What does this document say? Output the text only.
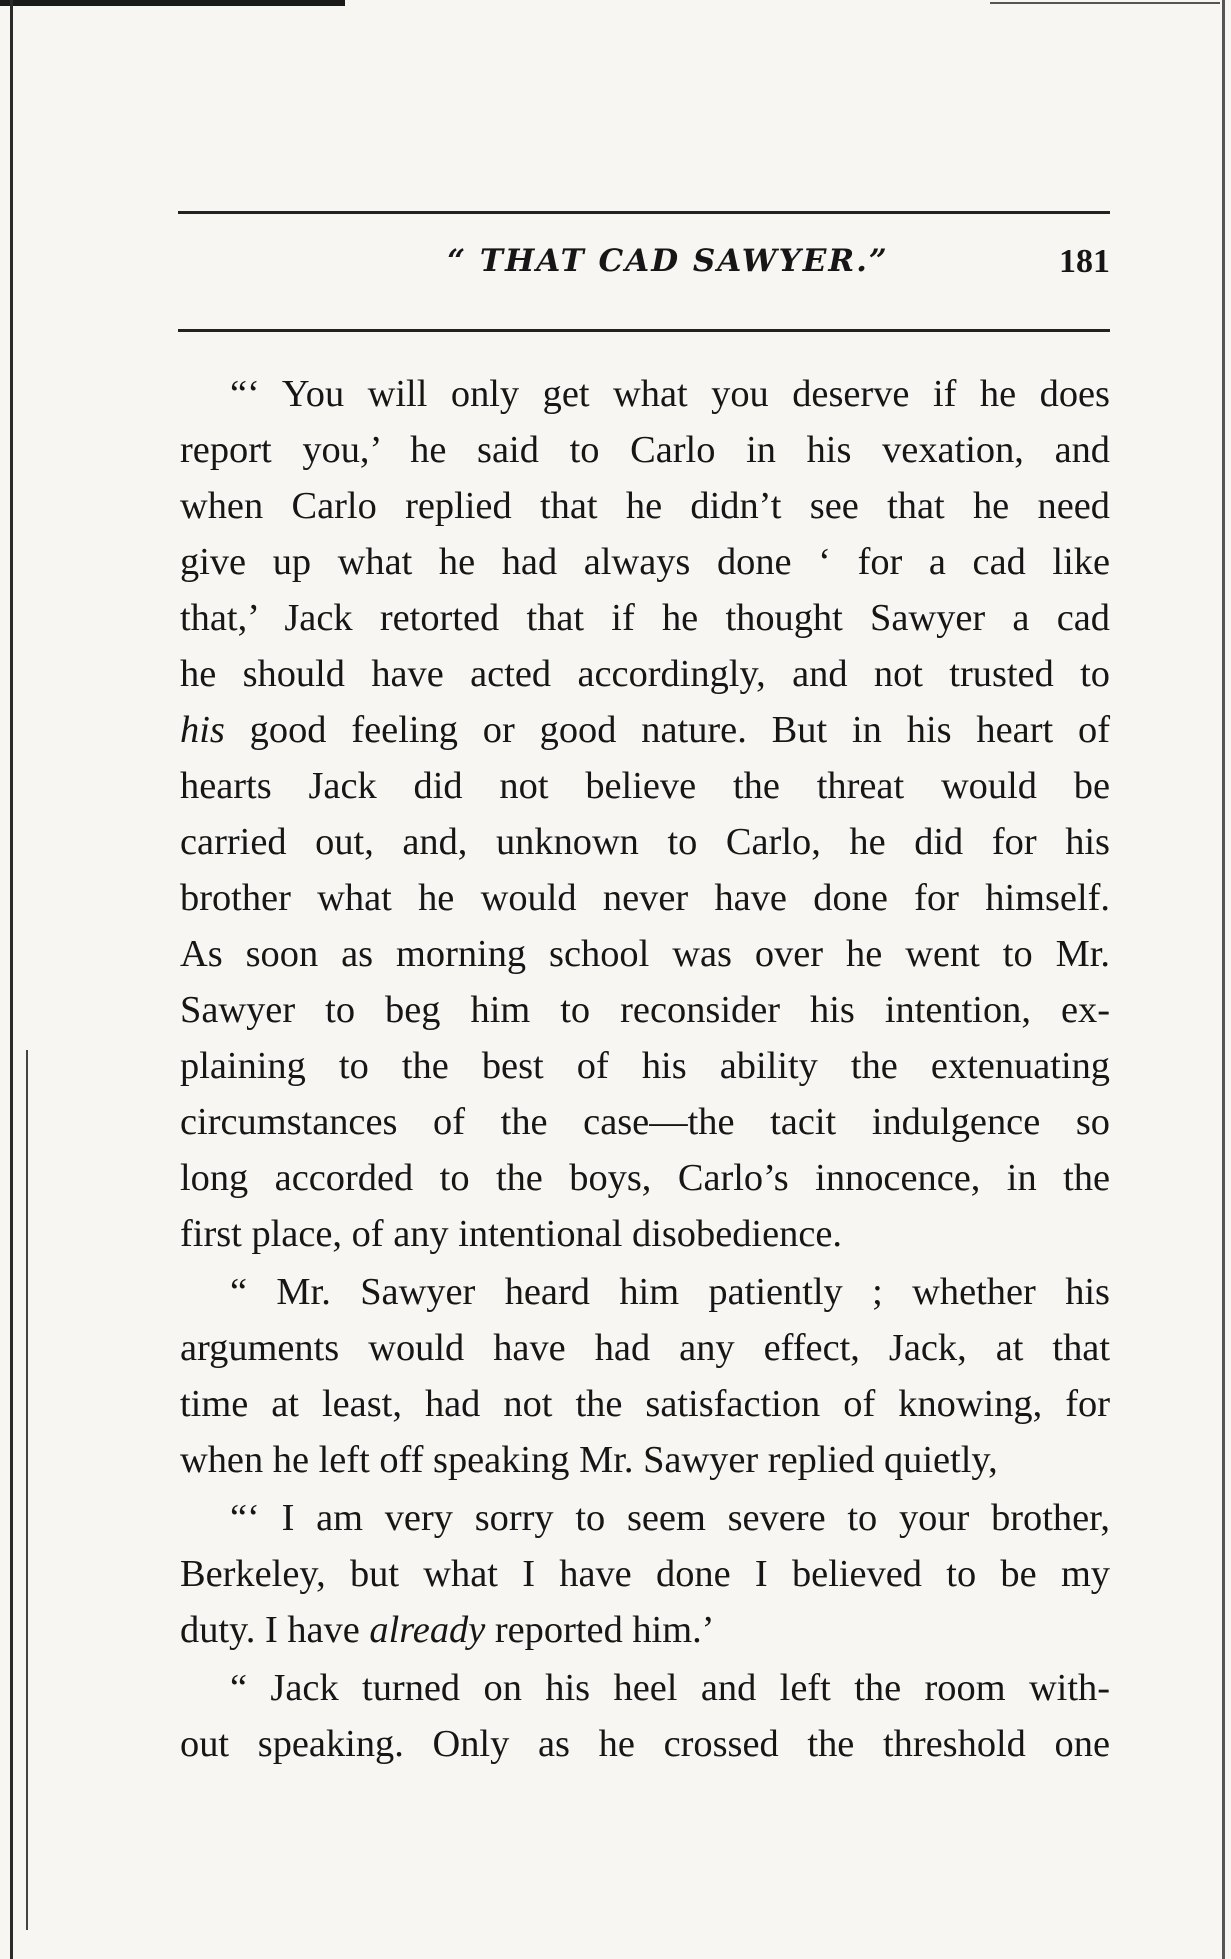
“ THAT CAD SAWYER.”	181

“‘ You will only get what you deserve if he does

report you,’ he said to Carlo in his vexation, and

when Carlo replied that he didn’t see that he need

give up what he had always done ‘ for a cad like

that,’ Jack retorted that if he thought Sawyer a cad

he should have acted accordingly, and not trusted to

his good feeling or good nature. But in his heart of

hearts Jack did not believe the threat would be

carried out, and, unknown to Carlo, he did for his

brother what he would never have done for himself.

As soon as morning school was over he went to Mr.

Sawyer to beg him to reconsider his intention, ex-

plaining to the best of his ability the extenuating

circumstances of the case—the tacit indulgence so

long accorded to the boys, Carlo’s innocence, in the

first place, of any intentional disobedience.

“ Mr. Sawyer heard him patiently ; whether his

arguments would have had any effect, Jack, at that

time at least, had not the satisfaction of knowing, for

when he left off speaking Mr. Sawyer replied quietly,

“‘ I am very sorry to seem severe to your brother,

Berkeley, but what I have done I believed to be my

duty. I have already reported him.’

“ Jack turned on his heel and left the room with-

out speaking. Only as he crossed the threshold one
